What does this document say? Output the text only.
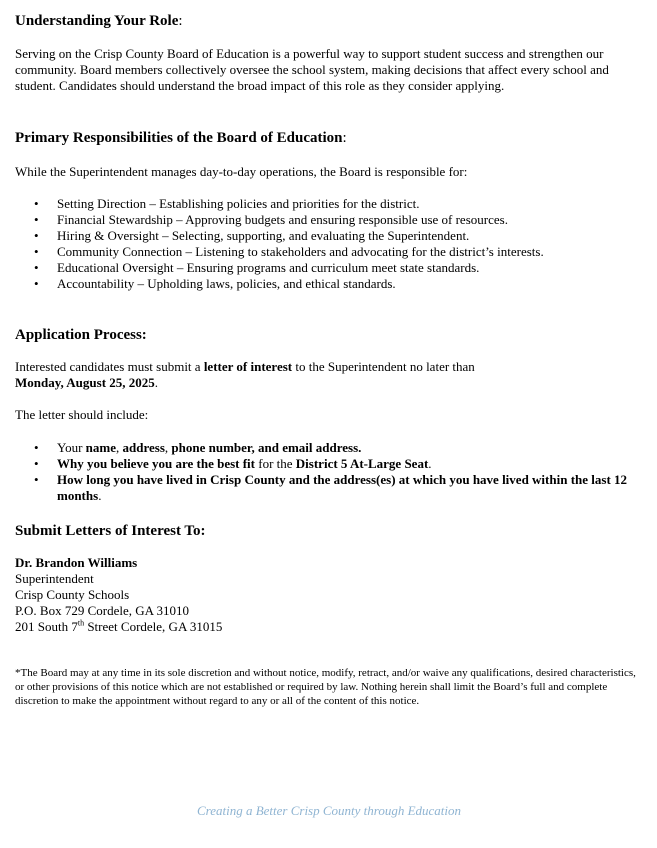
Understanding Your Role:

Serving on the Crisp County Board of Education is a powerful way to support student success and strengthen our community. Board members collectively oversee the school system, making decisions that affect every school and student. Candidates should understand the broad impact of this role as they consider applying.

Primary Responsibilities of the Board of Education:

While the Superintendent manages day-to-day operations, the Board is responsible for:

• Setting Direction – Establishing policies and priorities for the district.
• Financial Stewardship – Approving budgets and ensuring responsible use of resources.
• Hiring & Oversight – Selecting, supporting, and evaluating the Superintendent.
• Community Connection – Listening to stakeholders and advocating for the district’s interests.
• Educational Oversight – Ensuring programs and curriculum meet state standards.
• Accountability – Upholding laws, policies, and ethical standards.
Application Process:

Interested candidates must submit a letter of interest to the Superintendent no later than
Monday, August 25, 2025.

The letter should include:

• Your name, address, phone number, and email address.
• Why you believe you are the best fit for the District 5 At-Large Seat.
• How long you have lived in Crisp County and the address(es) at which you have lived within the last 12 months.
Submit Letters of Interest To:
Dr. Brandon Williams
Superintendent
Crisp County Schools
P.O. Box 729 Cordele, GA 31010
201 South 7th Street Cordele, GA 31015

*The Board may at any time in its sole discretion and without notice, modify, retract, and/or waive any qualifications, desired characteristics, or other provisions of this notice which are not established or required by law. Nothing herein shall limit the Board’s full and complete discretion to make the appointment without regard to any or all of the content of this notice.

Creating a Better Crisp County through Education
